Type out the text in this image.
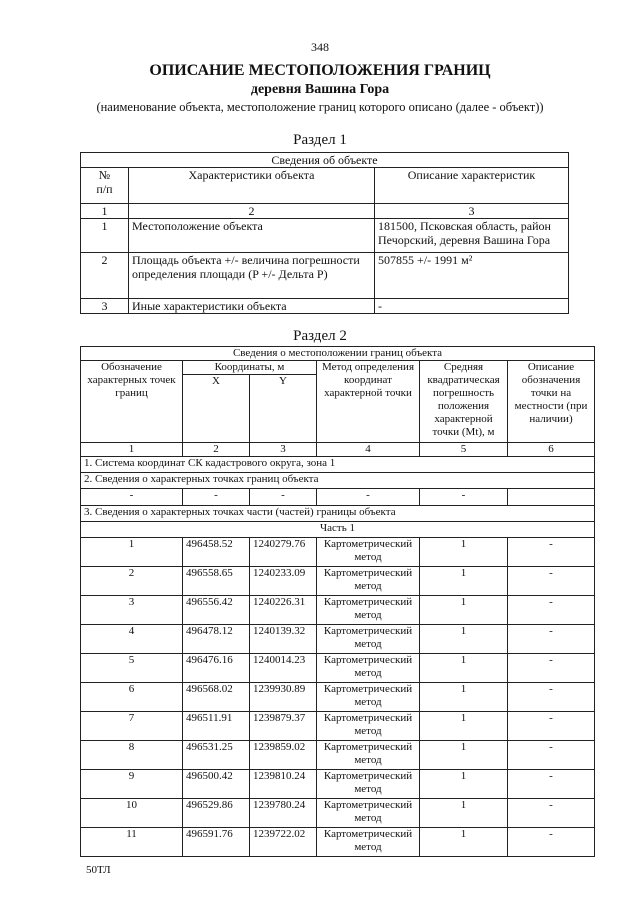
348
ОПИСАНИЕ МЕСТОПОЛОЖЕНИЯ ГРАНИЦ
деревня Вашина Гора
(наименование объекта, местоположение границ которого описано (далее - объект))
Раздел 1
Сведения об объекте		
№
п/п	Характеристики объекта	Описание характеристик
1	2	3
1	Местоположение объекта	181500, Псковская область, район Печорский, деревня Вашина Гора
2	Площадь объекта +/- величина погрешности определения площади (P +/- Дельта P)	507855 +/- 1991 м²
3	Иные характеристики объекта	-
Раздел 2
Сведения о местоположении границ объекта					
Обозначение характерных точек границ	Координаты, м		Метод определения координат характерной точки	Средняя квадратическая погрешность положения характерной точки (Mt), м	Описание обозначения точки на местности (при наличии)
	X	Y			
1	2	3	4	5	6
1. Система координат СК кадастрового округа, зона 1					
2. Сведения о характерных точках границ объекта					
-	-	-	-	-	
3. Сведения о характерных точках части (частей) границы объекта					
Часть 1					
1	496458.52	1240279.76	Картометрический метод	1	-
2	496558.65	1240233.09	Картометрический метод	1	-
3	496556.42	1240226.31	Картометрический метод	1	-
4	496478.12	1240139.32	Картометрический метод	1	-
5	496476.16	1240014.23	Картометрический метод	1	-
6	496568.02	1239930.89	Картометрический метод	1	-
7	496511.91	1239879.37	Картометрический метод	1	-
8	496531.25	1239859.02	Картометрический метод	1	-
9	496500.42	1239810.24	Картометрический метод	1	-
10	496529.86	1239780.24	Картометрический метод	1	-
11	496591.76	1239722.02	Картометрический метод	1	-
50ТЛ
